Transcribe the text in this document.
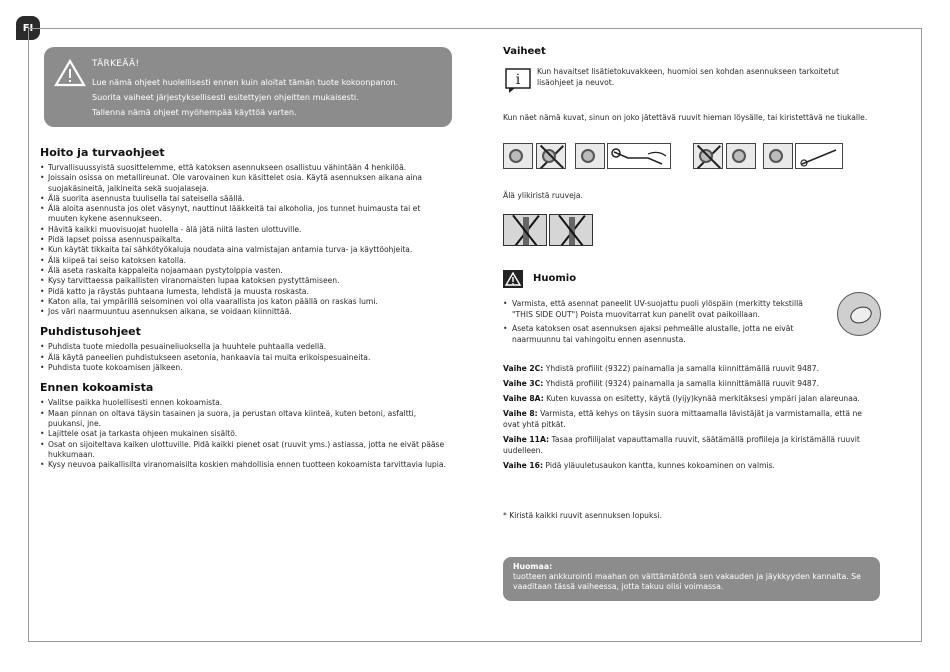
FI
TÄRKEÄÄ!
Lue nämä ohjeet huolellisesti ennen kuin aloitat tämän tuote kokoonpanon.
Suorita vaiheet järjestyksellisesti esitettyjen ohjeitten mukaisesti.
Tallenna nämä ohjeet myöhempää käyttöä varten.
Hoito ja turvaohjeet
• Turvallisuussyistä suosittelemme, että katoksen asennukseen osallistuu vähintään 4 henkilöä.
• Joissain osissa on metallireunat. Ole varovainen kun käsittelet osia. Käytä asennuksen aikana aina suojakäsineitä, jalkineita sekä suojalaseja.
• Älä suorita asennusta tuulisella tai sateisella säällä.
• Älä aloita asennusta jos olet väsynyt, nauttinut lääkkeitä tai alkoholia, jos tunnet huimausta tai et muuten kykene asennukseen.
• Hävitä kaikki muovisuojat huolella - älä jätä niitä lasten ulottuville.
• Pidä lapset poissa asennuspaikalta.
• Kun käytät tikkaita tai sähkötyökaluja noudata aina valmistajan antamia turva- ja käyttöohjeita.
• Älä kiipeä tai seiso katoksen katolla.
• Älä aseta raskaita kappaleita nojaamaan pystytolppia vasten.
• Kysy tarvittaessa paikallisten viranomaisten lupaa katoksen pystyttämiseen.
• Pidä katto ja räystäs puhtaana lumesta, lehdistä ja muusta roskasta.
• Katon alla, tai ympärillä seisominen voi olla vaarallista jos katon päällä on raskas lumi.
• Jos väri naarmuuntuu asennuksen aikana, se voidaan kiinnittää.
Puhdistusohjeet
• Puhdista tuote miedolla pesuaineliuoksella ja huuhtele puhtaalla vedellä.
• Älä käytä paneelien puhdistukseen asetonia, hankaavia tai muita erikoispesuaineita.
• Puhdista tuote kokoamisen jälkeen.
Ennen kokoamista
• Valitse paikka huolellisesti ennen kokoamista.
• Maan pinnan on oltava täysin tasainen ja suora, ja perustan oltava kiinteä, kuten betoni, asfaltti, puukansi, jne.
• Lajittele osat ja tarkasta ohjeen mukainen sisältö.
• Osat on sijoiteltava kaiken ulottuville. Pidä kaikki pienet osat (ruuvit yms.) astiassa, jotta ne eivät pääse hukkumaan.
• Kysy neuvoa paikallisilta viranomaisilta koskien mahdollisia ennen tuotteen kokoamista tarvittavia lupia.
Vaiheet
i
Kun havaitset lisätietokuvakkeen, huomioi sen kohdan asennukseen tarkoitetut lisäohjeet ja neuvot.
Kun näet nämä kuvat, sinun on joko jätettävä ruuvit hieman löysälle, tai kiristettävä ne tiukalle.
Älä ylikiristä ruuveja.
Huomio
• Varmista, että asennat paneelit UV-suojattu puoli ylöspäin (merkitty tekstillä "THIS SIDE OUT") Poista muovitarrat kun panelit ovat paikoillaan.
• Aseta katoksen osat asennuksen ajaksi pehmeälle alustalle, jotta ne eivät naarmuunnu tai vahingoitu ennen asennusta.
Vaihe 2C: Yhdistä profiilit (9322) painamalla ja samalla kiinnittämällä ruuvit 9487.
Vaihe 3C: Yhdistä profiilit (9324) painamalla ja samalla kiinnittämällä ruuvit 9487.
Vaihe 8A: Kuten kuvassa on esitetty, käytä (lyijy)kynää merkitäksesi ympäri jalan alareunaa.
Vaihe 8: Varmista, että kehys on täysin suora mittaamalla lävistäjät ja varmistamalla, että ne ovat yhtä pitkät.
Vaihe 11A: Tasaa profiilijalat vapauttamalla ruuvit, säätämällä profiileja ja kiristämällä ruuvit uudelleen.
Vaihe 16: Pidä yläuuletusaukon kantta, kunnes kokoaminen on valmis.
* Kiristä kaikki ruuvit asennuksen lopuksi.
Huomaa:
tuotteen ankkurointi maahan on välttämätöntä sen vakauden ja jäykkyyden kannalta. Se vaaditaan tässä vaiheessa, jotta takuu olisi voimassa.
